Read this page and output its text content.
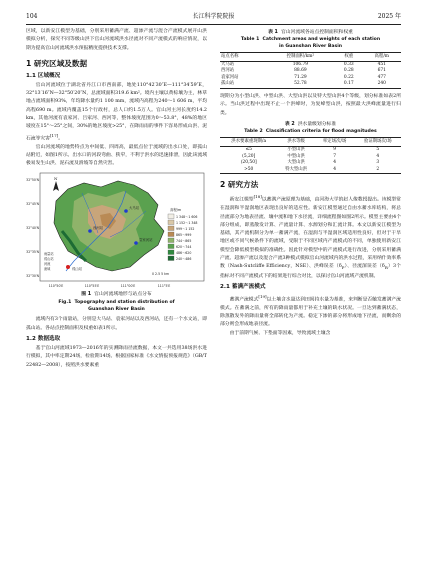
104	长江科学院院报	2025 年

区域，以新安江模型为基础，分别采用蓄满产流、超渗产流与混合产流模式展开山洪模拟分析，探究不同等级山洪下官山河流域洪水径流对不同产流模式的响应情况，以期为提高官山河流域洪水预报精度提供技术支撑。

1 研究区域及数据
1.1 区域概况

官山河流域位于湖北省丹江口市西南部，地处110°42′30″E—111°34′59″E，32°13′16″N—32°50′20″N，总流域面积319.6 km²。境内主壤以黄棕壤为主，林草地占流域面积93%，年均降水量约1 100 mm，流域内高程为240～1 606 m，平均高程690 m。流域内覆盖15个行政村，总人口约1.5万人。官山河主河长度约14.2 km，其他河流有袁家河、吕家河、西河等，整体坡度范围为0～53.8°，48%的地区坡度在15°～25°之间，30%的地区坡度>25°，在降雨雨的事件下容易形成山洪、泥石流等灾害[17]。

官山河流域的地势特点为中间低、四周高，最低点位于流域的出水口处，即孤山站附近，如图1所示。出水口的河段弯曲、狭窄，不利于洪水的迅速排泄，因此该流域极易发生山洪、泥石流及滑坡等自然灾害。

N
32°50′N
32°45′N
32°40′N
32°35′N
32°30′N
110°50′E	110°55′E	111°00′E	111°5′E
孤山站
大马站
西河站
袁家河站
雨量站
孤山站
河流
流域
高程/m
1 348～1 606
1 152～1 348
999～1 152
865～999
744～865
620～744
486～620
240～486
0 2.5 5 km
图 1 官山河流域地形与站点分布
Fig.1 Topography and station distribution of
Guanshan River Basin

流域内有3个雨量站，分别是大马站、袁家河站以及西河站，还有一个水文站，即孤山站。各站点控制面积及权重如表1所示。

1.2 数据选取

基于官山河流域1973—2016年的实测降雨径流数据，本文一共选用38场洪水进行模拟，其中率定期24场，检验期14场。根据国家标准《水文情报预报规范》（GB/T 22482—2008），按照洪水要素重

表 1 官山河流域各站点控制面积和权重
Table 1 Catchment areas and weights of each station
in Guanshan River Basin
站点名称	控制面积/km²	权重	高程/m
大马站	106.79	0.33	451
西河站	88.69	0.28	671
袁家河站	71.29	0.22	477
孤山站	52.78	0.17	240

现期分为小型山洪、中型山洪、大型山洪以及特大型山洪4个等级，划分标准如表2所示。当山洪过程中出现不止一个洪峰时，为复峰型山洪，按照最大洪峰流量进行归类。

表 2 洪水量级划分标准
Table 2 Classification criteria for flood magnitudes
洪水要素重现期/a	洪水等级	率定场次/场	验证期场次/场
≤5	小型山洪	9	5
(5,20]	中型山洪	7	4
(20,50]	大型山洪	4	3
>50	特大型山洪	4	2
2 研究方法

新安江模型[18]以蓄满产流原理为基础，由河海大学的赵人俊教授提出。该模型常在湿润和半湿润地区表现出良好的适应性。新安江模型通过自由水蓄水库结构，将总径流部分为地表径流、壤中流和地下水径流，详细流程图如图2所示。模型主要由4个部分组成，即蒸散发计算、产流量计算、水源划分和汇流计算。本文以新安江模型为基础，其产流机制分为单一蓄满产流，在湿润与半湿润区域适用性良好，但对于干旱地区或不同气候条件下的流域，受限于不同区域内产流模式的不同，单独使用新安江模型会降低模型模拟的准确性。因此针对模型中的产流模式进行改进，分别采用蓄满产流、超渗产流以及混合产流3种模式模拟官山河流域内的洪水过程，采用纳什效率系数（Nash-Sutcliffe Efficiency，NSE）、洪峰误差$(\delta_P)$、径流深误差$(\delta_R)3$个指标对不同产流模式下的结果进行综合对比，以探讨官山河流域产流机制。

2.1 蓄满产流模式

蓄满产流模式[19]以土壤含水量达到田间持水量为基准，来判断是否触发蓄满产流模式。在蓄满之前，所有的降雨量都用于补充土壤的缺水状况。一旦达到蓄满状态，除蒸散发外的降雨量将全部转化为产流。稳定下渗的部分将形成地下径流，而剩余的部分则会形成地表径流。

由于前期气候、下垫面等因素，导致流域土壤含
